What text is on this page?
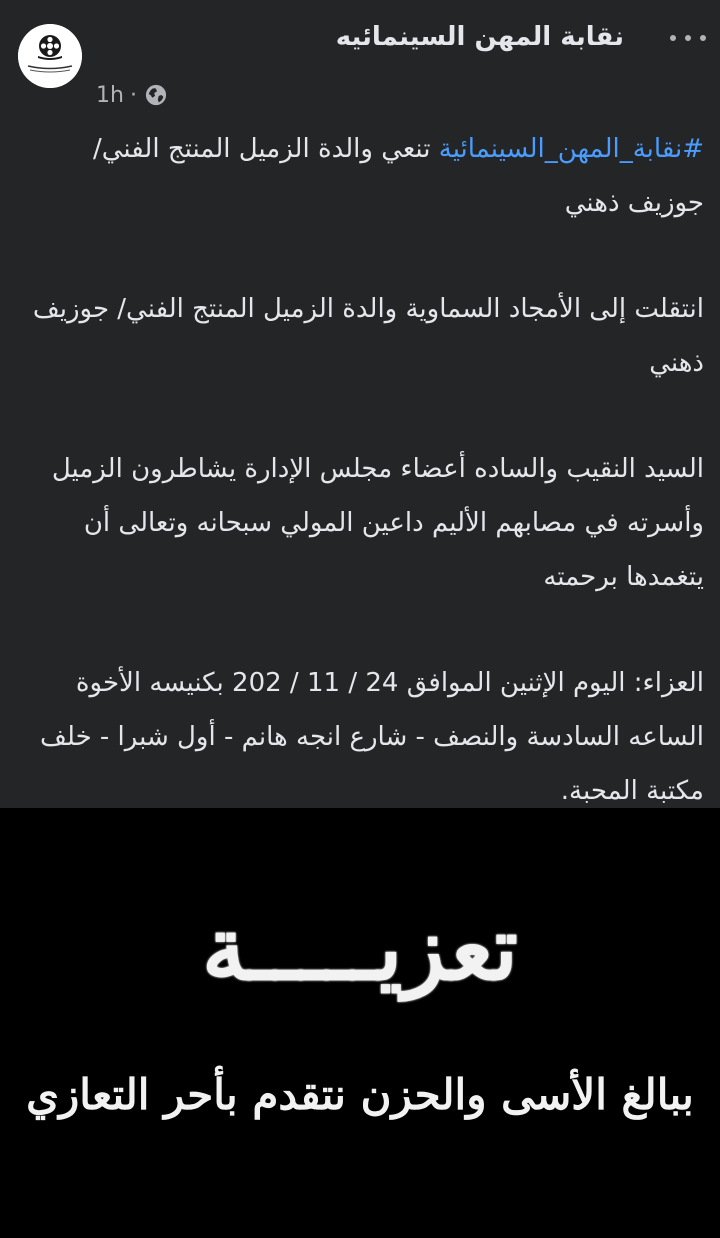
نقابة المهن السينمائيه
1h ·

#نقابة_المهن_السينمائية تنعي والدة الزميل المنتج الفني/ جوزيف ذهني

انتقلت إلى الأمجاد السماوية والدة الزميل المنتج الفني/ جوزيف ذهني

السيد النقيب والساده أعضاء مجلس الإدارة يشاطرون الزميل وأسرته في مصابهم الأليم داعين المولي سبحانه وتعالى أن يتغمدها برحمته

العزاء: اليوم الإثنين الموافق 24 / 11 / 202 بكنيسه الأخوة الساعه السادسة والنصف - شارع انجه هانم - أول شبرا - خلف مكتبة المحبة.

تعزيـــــة
ببالغ الأسى والحزن نتقدم بأحر التعازي
